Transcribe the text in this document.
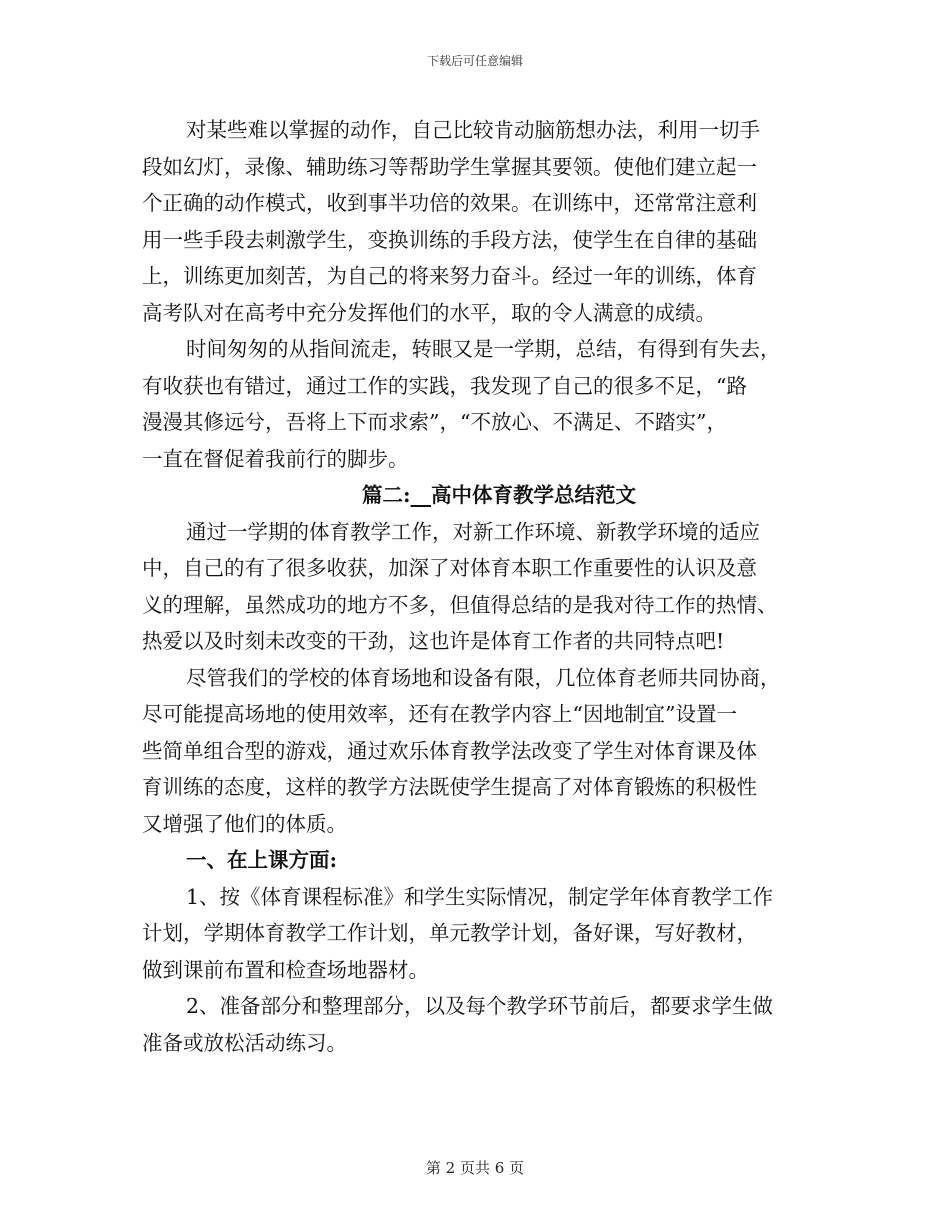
下载后可任意编辑
对某些难以掌握的动作，自己比较肯动脑筋想办法，利用一切手
段如幻灯，录像、辅助练习等帮助学生掌握其要领。使他们建立起一
个正确的动作模式，收到事半功倍的效果。在训练中，还常常注意利
用一些手段去刺激学生，变换训练的手段方法，使学生在自律的基础
上，训练更加刻苦，为自己的将来努力奋斗。经过一年的训练，体育
高考队对在高考中充分发挥他们的水平，取的令人满意的成绩。
时间匆匆的从指间流走，转眼又是一学期，总结，有得到有失去，
有收获也有错过，通过工作的实践，我发现了自己的很多不足，“路
漫漫其修远兮，吾将上下而求索”，“不放心、不满足、不踏实”，
一直在督促着我前行的脚步。
篇二:__高中体育教学总结范文
通过一学期的体育教学工作，对新工作环境、新教学环境的适应
中，自己的有了很多收获，加深了对体育本职工作重要性的认识及意
义的理解，虽然成功的地方不多，但值得总结的是我对待工作的热情、
热爱以及时刻未改变的干劲，这也许是体育工作者的共同特点吧!
尽管我们的学校的体育场地和设备有限，几位体育老师共同协商，
尽可能提高场地的使用效率，还有在教学内容上“因地制宜”设置一
些简单组合型的游戏，通过欢乐体育教学法改变了学生对体育课及体
育训练的态度，这样的教学方法既使学生提高了对体育锻炼的积极性
又增强了他们的体质。
一、在上课方面:
1、按《体育课程标准》和学生实际情况，制定学年体育教学工作
计划，学期体育教学工作计划，单元教学计划，备好课，写好教材，
做到课前布置和检查场地器材。
2、准备部分和整理部分，以及每个教学环节前后，都要求学生做
准备或放松活动练习。
第 2 页共 6 页
